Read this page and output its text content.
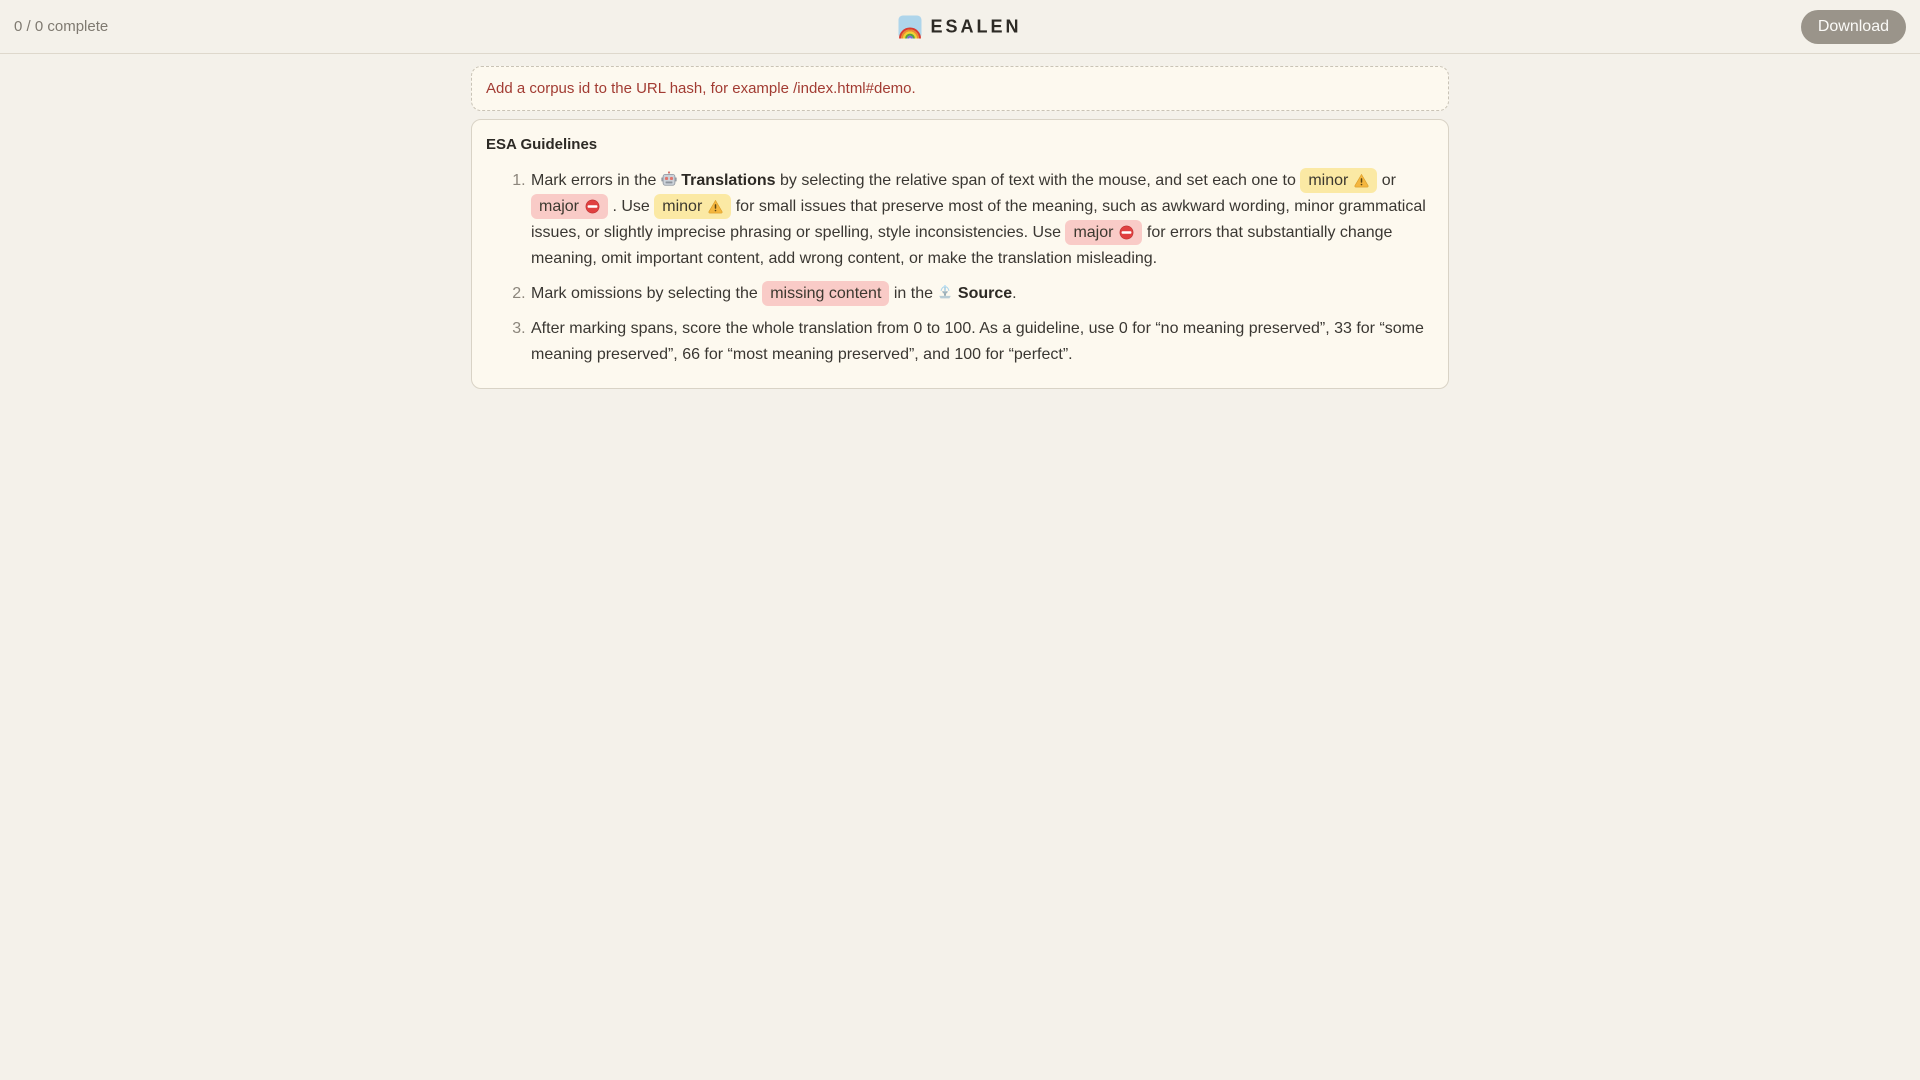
0 / 0 complete	ESALEN	Download
Add a corpus id to the URL hash, for example /index.html#demo.
ESA Guidelines
1. Mark errors in the Translations by selecting the relative span of text with the mouse, and set each one to minor or
major . Use minor for small issues that preserve most of the meaning, such as awkward wording, minor grammatical issues, or slightly imprecise phrasing or spelling, style inconsistencies. Use major for errors that substantially change meaning, omit important content, add wrong content, or make the translation misleading.
2. Mark omissions by selecting the missing content in the Source.
3. After marking spans, score the whole translation from 0 to 100. As a guideline, use 0 for “no meaning preserved”, 33 for “some meaning preserved”, 66 for “most meaning preserved”, and 100 for “perfect”.
